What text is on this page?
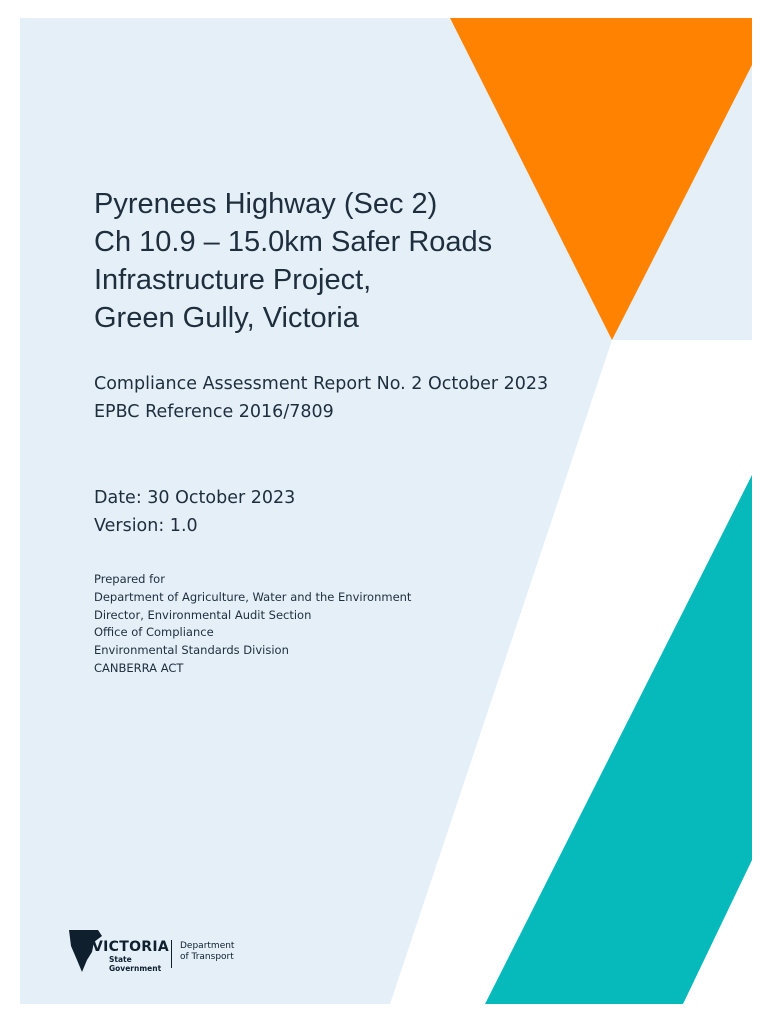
Pyrenees Highway (Sec 2)
Ch 10.9 – 15.0km Safer Roads
Infrastructure Project,
Green Gully, Victoria
Compliance Assessment Report No. 2 October 2023
EPBC Reference 2016/7809
Date: 30 October 2023
Version: 1.0
Prepared for
Department of Agriculture, Water and the Environment
Director, Environmental Audit Section
Office of Compliance
Environmental Standards Division
CANBERRA ACT
VICTORIA
State
Government
Department
of Transport
